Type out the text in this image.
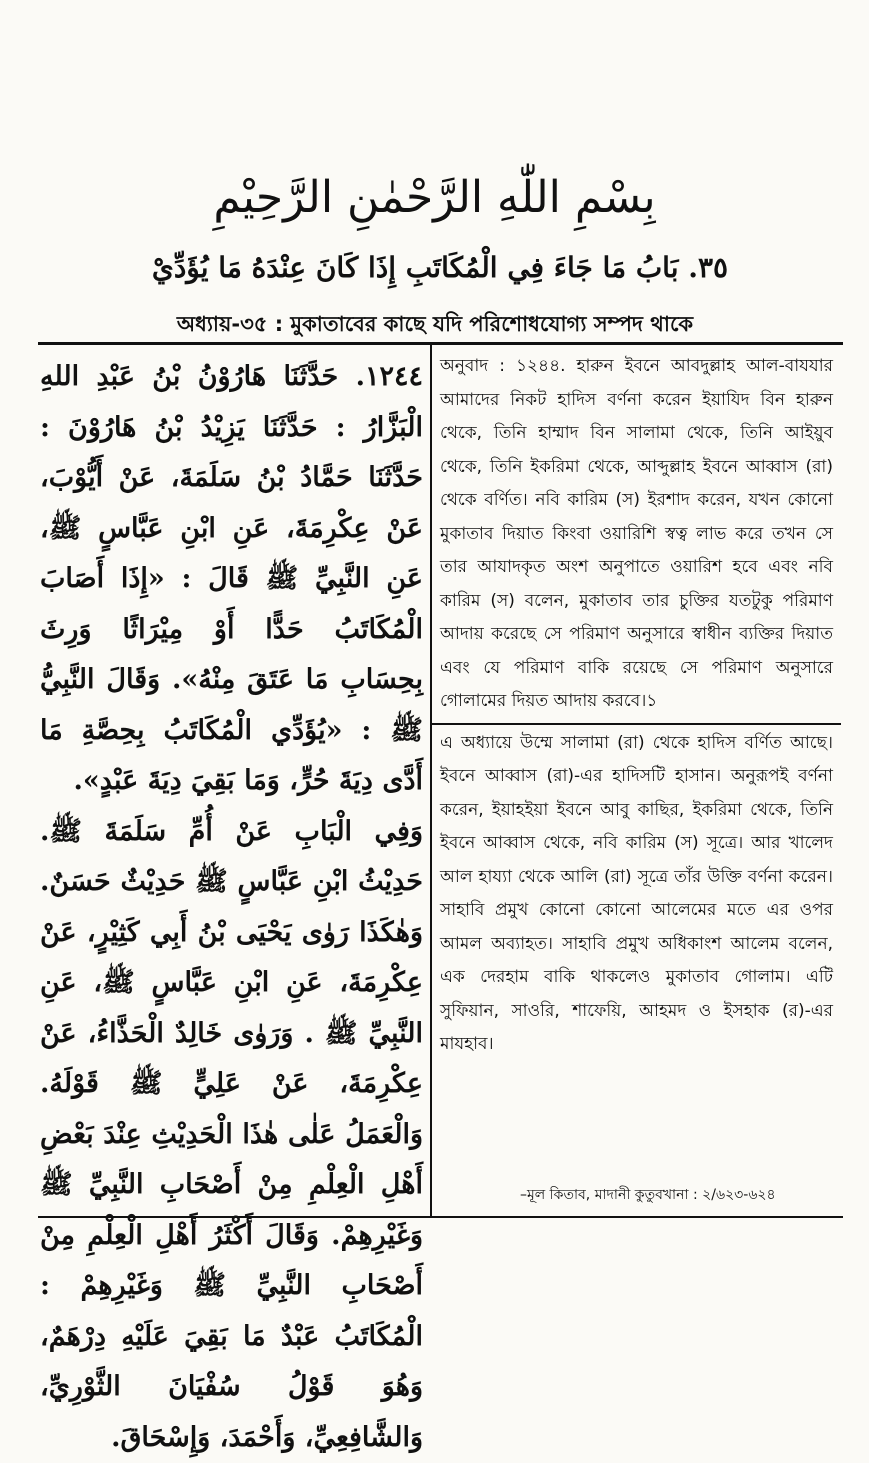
بِسْمِ اللّٰهِ الرَّحْمٰنِ الرَّحِيْمِ
٣٥. بَابُ مَا جَاءَ فِي الْمُكَاتَبِ إِذَا كَانَ عِنْدَهُ مَا يُؤَدِّيْ
অধ্যায়-৩৫ : মুকাতাবের কাছে যদি পরিশোধযোগ্য সম্পদ থাকে

١٢٤٤. حَدَّثَنَا هَارُوْنُ بْنُ عَبْدِ اللهِ الْبَزَّارُ : حَدَّثَنَا يَزِيْدُ بْنُ هَارُوْنَ : حَدَّثَنَا حَمَّادُ بْنُ سَلَمَةَ، عَنْ أَيُّوْبَ، عَنْ عِكْرِمَةَ، عَنِ ابْنِ عَبَّاسٍ ﷺ، عَنِ النَّبِيِّ ﷺ قَالَ : «إِذَا أَصَابَ الْمُكَاتَبُ حَدًّا أَوْ مِيْرَاثًا وَرِثَ بِحِسَابِ مَا عَتَقَ مِنْهُ». وَقَالَ النَّبِيُّ ﷺ : «يُؤَدِّي الْمُكَاتَبُ بِحِصَّةِ مَا أَدَّى دِيَةَ حُرٍّ، وَمَا بَقِيَ دِيَةَ عَبْدٍ».

وَفِي الْبَابِ عَنْ أُمِّ سَلَمَةَ ﷺ. حَدِيْثُ ابْنِ عَبَّاسٍ ﷺ حَدِيْثٌ حَسَنٌ. وَهٰكَذَا رَوٰى يَحْيَى بْنُ أَبِي كَثِيْرٍ، عَنْ عِكْرِمَةَ، عَنِ ابْنِ عَبَّاسٍ ﷺ، عَنِ النَّبِيِّ ﷺ . وَرَوٰى خَالِدٌ الْحَذَّاءُ، عَنْ عِكْرِمَةَ، عَنْ عَلِيٍّ ﷺ قَوْلَهُ. وَالْعَمَلُ عَلٰى هٰذَا الْحَدِيْثِ عِنْدَ بَعْضِ أَهْلِ الْعِلْمِ مِنْ أَصْحَابِ النَّبِيِّ ﷺ وَغَيْرِهِمْ. وَقَالَ أَكْثَرُ أَهْلِ الْعِلْمِ مِنْ أَصْحَابِ النَّبِيِّ ﷺ وَغَيْرِهِمْ : الْمُكَاتَبُ عَبْدٌ مَا بَقِيَ عَلَيْهِ دِرْهَمٌ، وَهُوَ قَوْلُ سُفْيَانَ الثَّوْرِيِّ، وَالشَّافِعِيِّ، وَأَحْمَدَ، وَإِسْحَاقَ.

অনুবাদ : ১২৪৪. হারুন ইবনে আবদুল্লাহ আল-বাযযার আমাদের নিকট হাদিস বর্ণনা করেন ইয়াযিদ বিন হারুন থেকে, তিনি হাম্মাদ বিন সালামা থেকে, তিনি আইয়ুব থেকে, তিনি ইকরিমা থেকে, আব্দুল্লাহ ইবনে আব্বাস (রা) থেকে বর্ণিত। নবি কারিম (স) ইরশাদ করেন, যখন কোনো মুকাতাব দিয়াত কিংবা ওয়ারিশি স্বত্ব লাভ করে তখন সে তার আযাদকৃত অংশ অনুপাতে ওয়ারিশ হবে এবং নবি কারিম (স) বলেন, মুকাতাব তার চুক্তির যতটুকু পরিমাণ আদায় করেছে সে পরিমাণ অনুসারে স্বাধীন ব্যক্তির দিয়াত এবং যে পরিমাণ বাকি রয়েছে সে পরিমাণ অনুসারে গোলামের দিয়ত আদায় করবে।১

এ অধ্যায়ে উম্মে সালামা (রা) থেকে হাদিস বর্ণিত আছে। ইবনে আব্বাস (রা)-এর হাদিসটি হাসান। অনুরূপই বর্ণনা করেন, ইয়াহইয়া ইবনে আবু কাছির, ইকরিমা থেকে, তিনি ইবনে আব্বাস থেকে, নবি কারিম (স) সূত্রে। আর খালেদ আল হায্যা থেকে আলি (রা) সূত্রে তাঁর উক্তি বর্ণনা করেন। সাহাবি প্রমুখ কোনো কোনো আলেমের মতে এর ওপর আমল অব্যাহত। সাহাবি প্রমুখ অধিকাংশ আলেম বলেন, এক দেরহাম বাকি থাকলেও মুকাতাব গোলাম। এটি সুফিয়ান, সাওরি, শাফেয়ি, আহমদ ও ইসহাক (র)-এর মাযহাব।

–মূল কিতাব, মাদানী কুতুবখানা : ২/৬২৩-৬২৪
